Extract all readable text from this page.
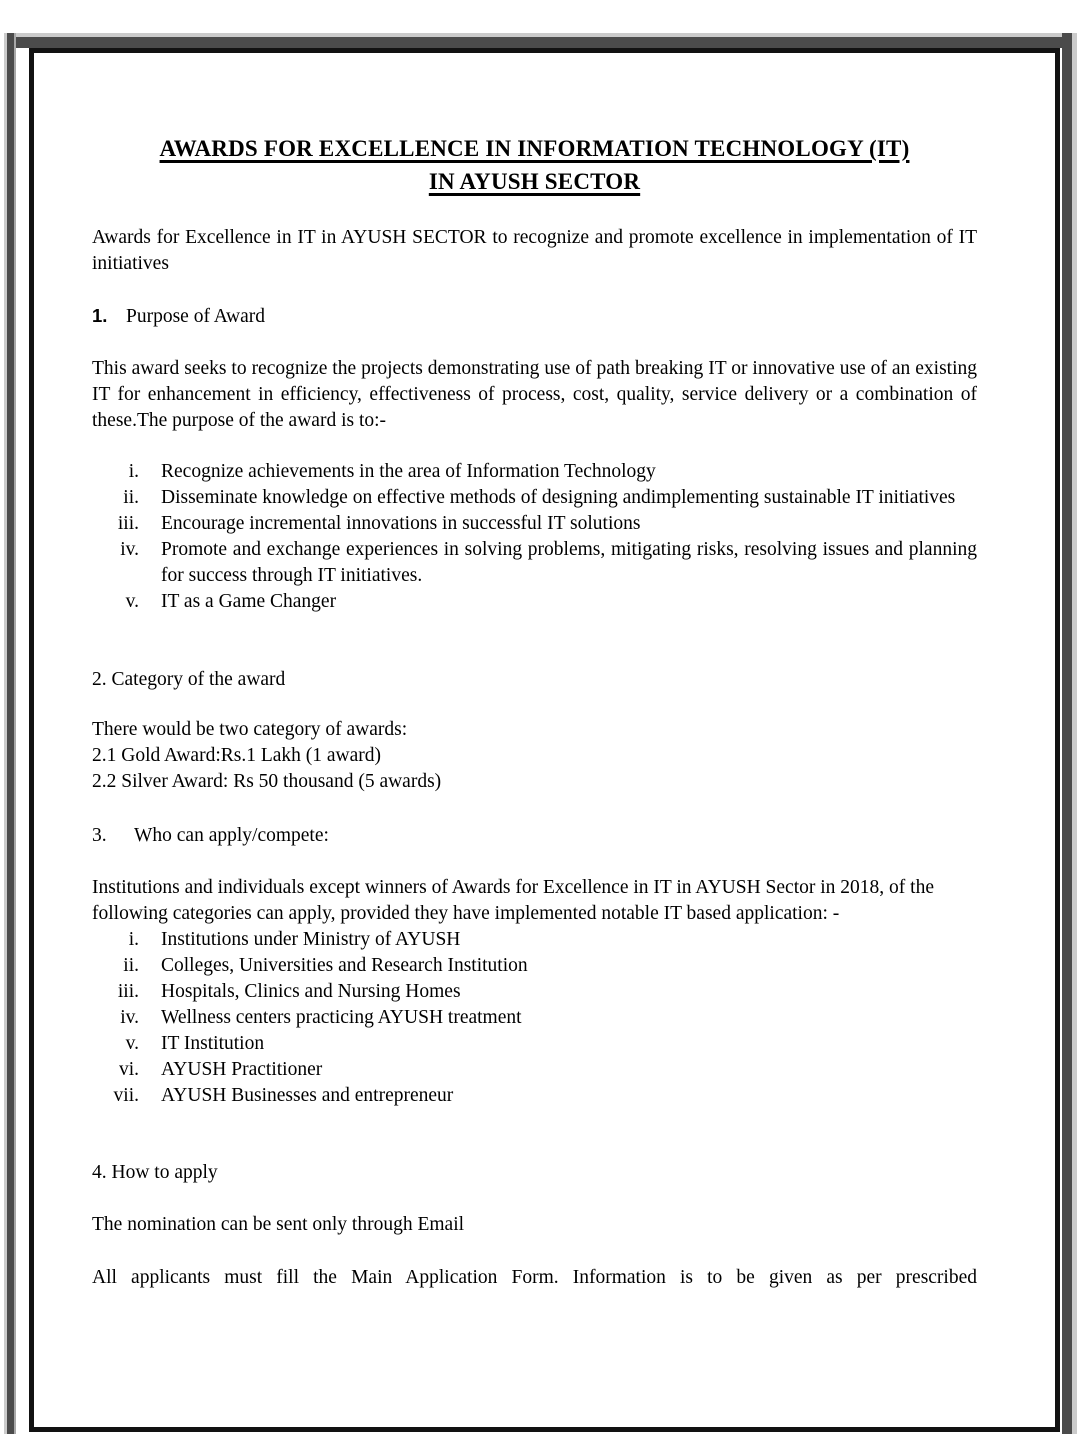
AWARDS FOR EXCELLENCE IN INFORMATION TECHNOLOGY (IT)
IN AYUSH SECTOR

Awards for Excellence in IT in AYUSH SECTOR to recognize and promote excellence in implementation of IT initiatives

1. Purpose of Award

This award seeks to recognize the projects demonstrating use of path breaking IT or innovative use of an existing IT for enhancement in efficiency, effectiveness of process, cost, quality, service delivery or a combination of these.The purpose of the award is to:-

i. Recognize achievements in the area of Information Technology
ii. Disseminate knowledge on effective methods of designing andimplementing sustainable IT initiatives
iii. Encourage incremental innovations in successful IT solutions
iv. Promote and exchange experiences in solving problems, mitigating risks, resolving issues and planning for success through IT initiatives.
v. IT as a Game Changer

2. Category of the award

There would be two category of awards:
2.1 Gold Award:Rs.1 Lakh (1 award)
2.2 Silver Award: Rs 50 thousand (5 awards)
3. Who can apply/compete:

Institutions and individuals except winners of Awards for Excellence in IT in AYUSH Sector in 2018, of the following categories can apply, provided they have implemented notable IT based application: -

i. Institutions under Ministry of AYUSH
ii. Colleges, Universities and Research Institution
iii. Hospitals, Clinics and Nursing Homes
iv. Wellness centers practicing AYUSH treatment
v. IT Institution
vi. AYUSH Practitioner
vii. AYUSH Businesses and entrepreneur

4. How to apply

The nomination can be sent only through Email

All applicants must fill the Main Application Form. Information is to be given as per prescribed
